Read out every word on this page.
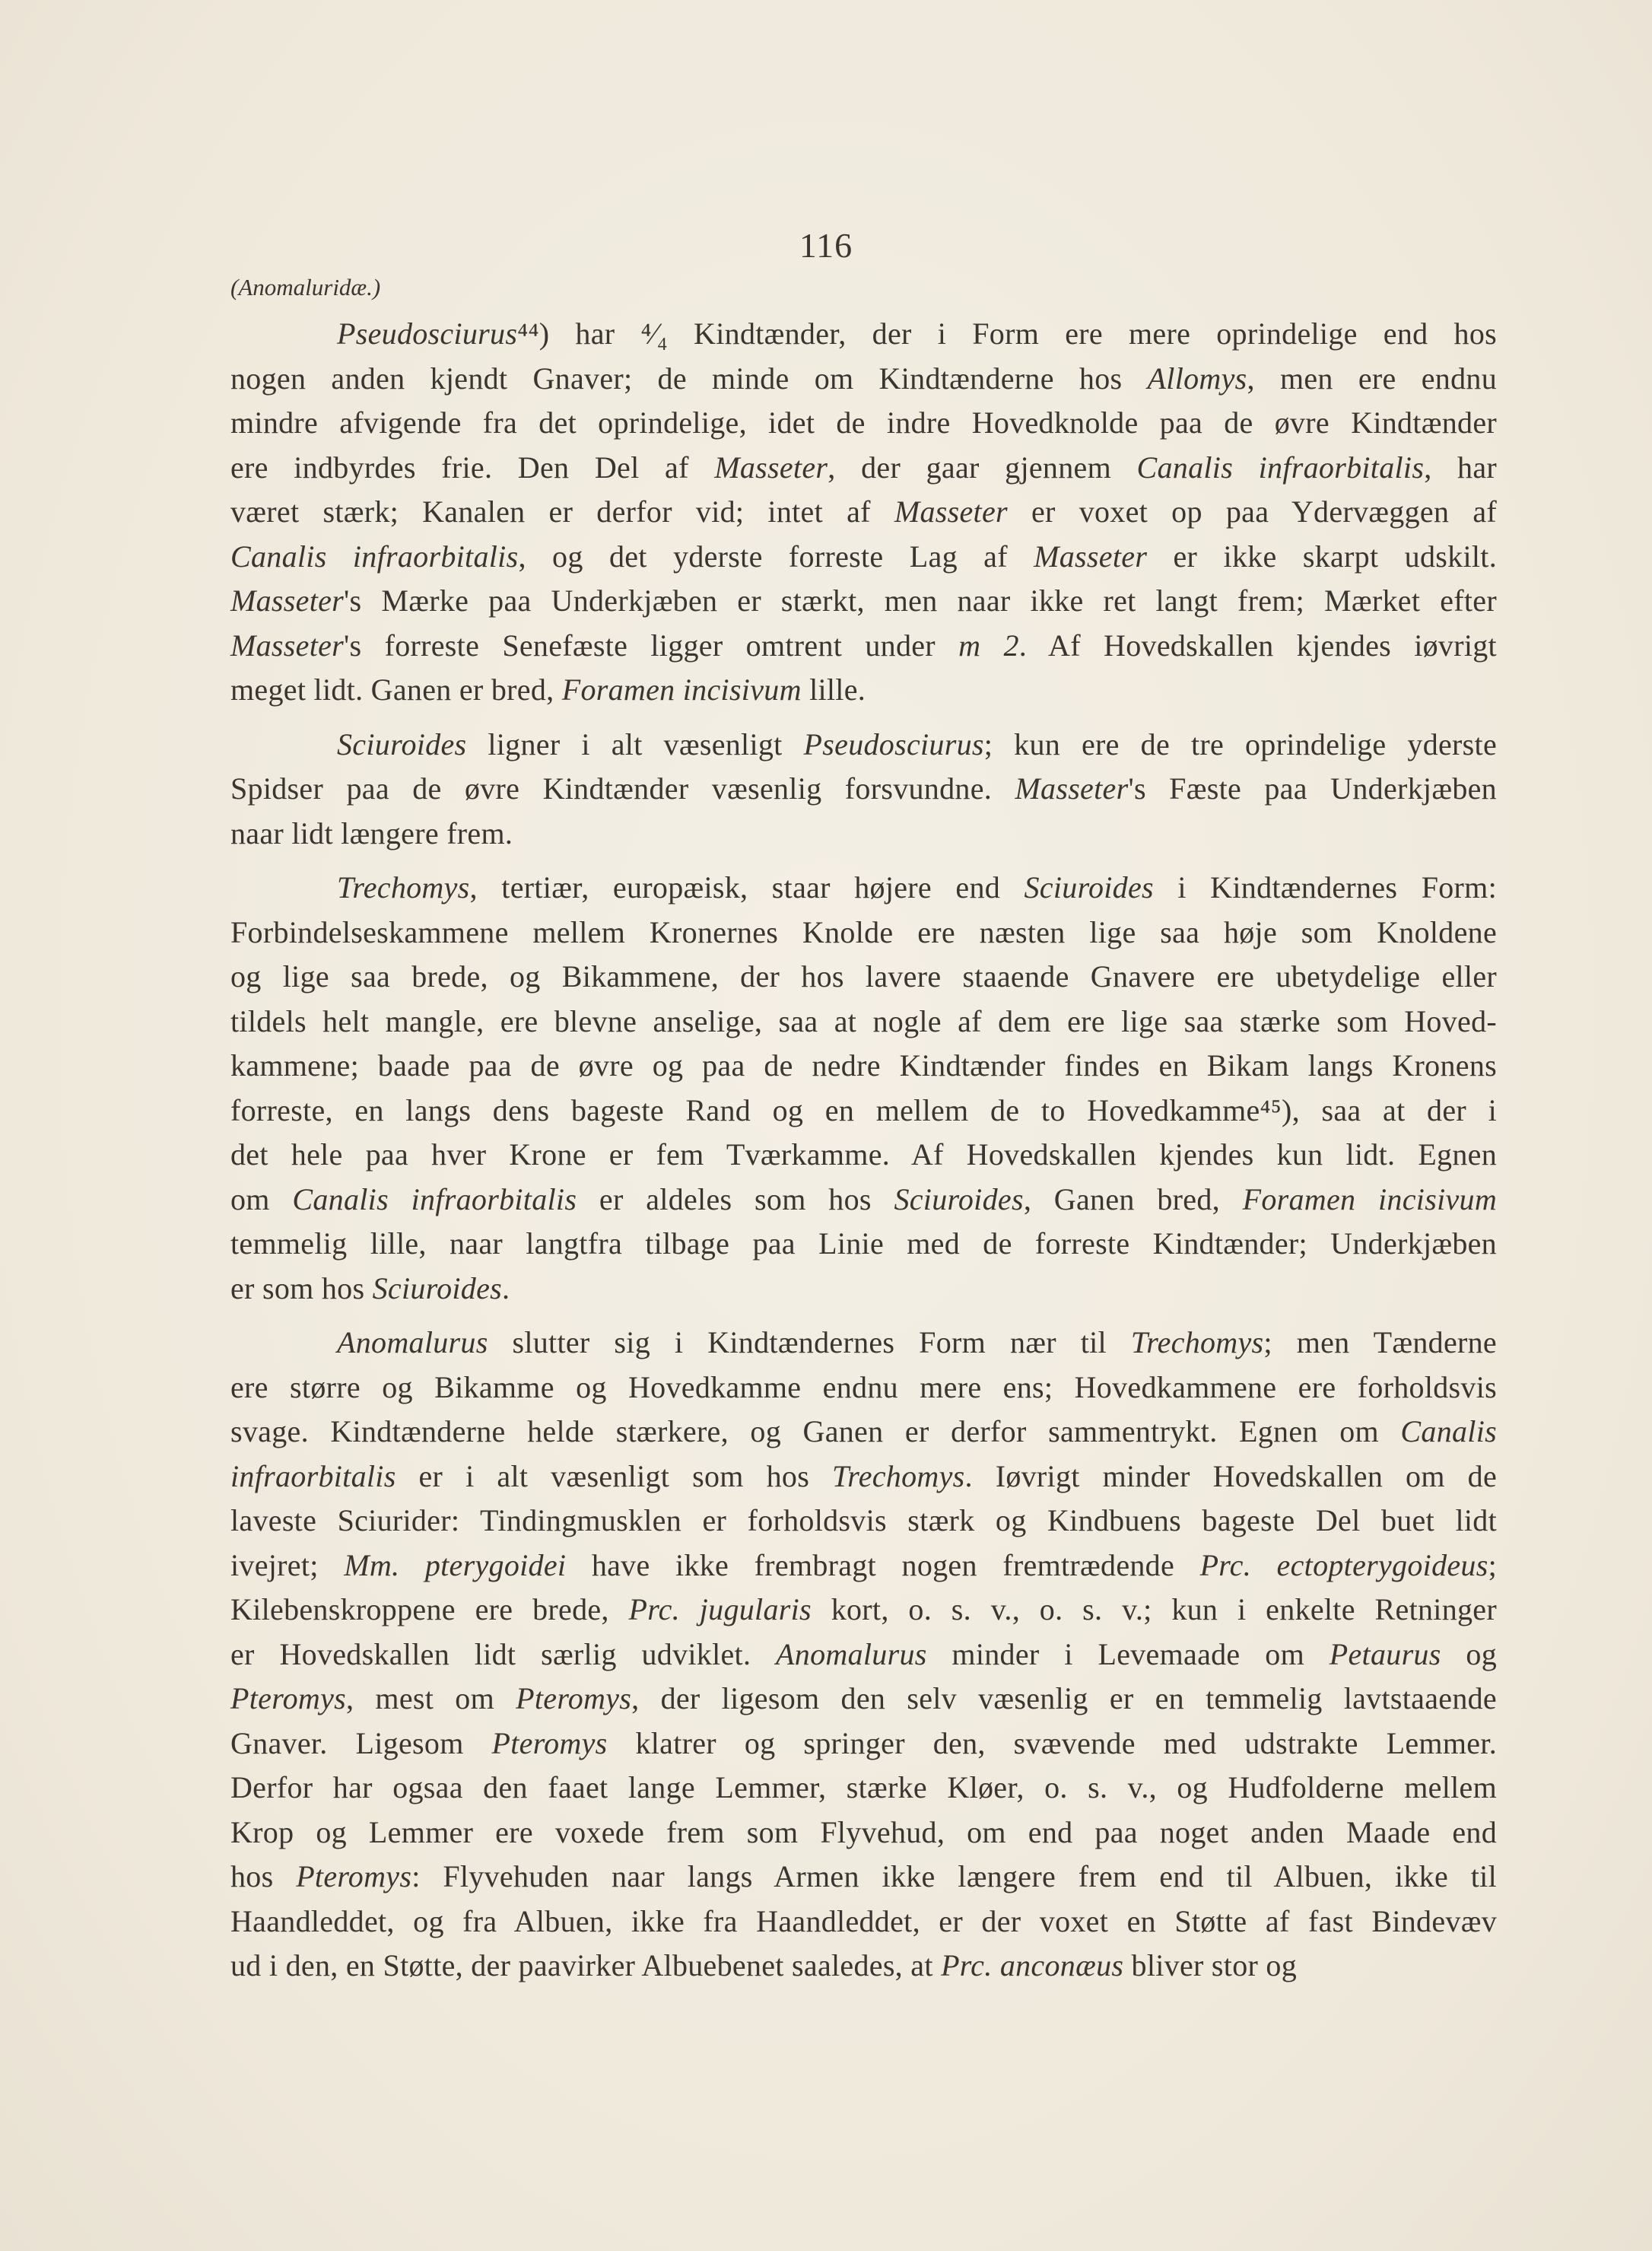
116
(Anomaluridæ.)

Pseudosciurus⁴⁴) har ⁴⁄₄ Kindtænder, der i Form ere mere oprindelige end hos
nogen anden kjendt Gnaver; de minde om Kindtænderne hos Allomys, men ere endnu
mindre afvigende fra det oprindelige, idet de indre Hovedknolde paa de øvre Kindtænder
ere indbyrdes frie. Den Del af Masseter, der gaar gjennem Canalis infraorbitalis, har
været stærk; Kanalen er derfor vid; intet af Masseter er voxet op paa Ydervæggen af
Canalis infraorbitalis, og det yderste forreste Lag af Masseter er ikke skarpt udskilt.
Masseter's Mærke paa Underkjæben er stærkt, men naar ikke ret langt frem; Mærket efter
Masseter's forreste Senefæste ligger omtrent under m 2. Af Hovedskallen kjendes iøvrigt
meget lidt. Ganen er bred, Foramen incisivum lille.

Sciuroides ligner i alt væsenligt Pseudosciurus; kun ere de tre oprindelige yderste
Spidser paa de øvre Kindtænder væsenlig forsvundne. Masseter's Fæste paa Underkjæben
naar lidt længere frem.

Trechomys, tertiær, europæisk, staar højere end Sciuroides i Kindtændernes Form:
Forbindelseskammene mellem Kronernes Knolde ere næsten lige saa høje som Knoldene
og lige saa brede, og Bikammene, der hos lavere staaende Gnavere ere ubetydelige eller
tildels helt mangle, ere blevne anselige, saa at nogle af dem ere lige saa stærke som Hoved-
kammene; baade paa de øvre og paa de nedre Kindtænder findes en Bikam langs Kronens
forreste, en langs dens bageste Rand og en mellem de to Hovedkamme⁴⁵), saa at der i
det hele paa hver Krone er fem Tværkamme. Af Hovedskallen kjendes kun lidt. Egnen
om Canalis infraorbitalis er aldeles som hos Sciuroides, Ganen bred, Foramen incisivum
temmelig lille, naar langtfra tilbage paa Linie med de forreste Kindtænder; Underkjæben
er som hos Sciuroides.

Anomalurus slutter sig i Kindtændernes Form nær til Trechomys; men Tænderne
ere større og Bikamme og Hovedkamme endnu mere ens; Hovedkammene ere forholdsvis
svage. Kindtænderne helde stærkere, og Ganen er derfor sammentrykt. Egnen om Canalis
infraorbitalis er i alt væsenligt som hos Trechomys. Iøvrigt minder Hovedskallen om de
laveste Sciurider: Tindingmusklen er forholdsvis stærk og Kindbuens bageste Del buet lidt
ivejret; Mm. pterygoidei have ikke frembragt nogen fremtrædende Prc. ectopterygoideus;
Kilebenskroppene ere brede, Prc. jugularis kort, o. s. v., o. s. v.; kun i enkelte Retninger
er Hovedskallen lidt særlig udviklet. Anomalurus minder i Levemaade om Petaurus og
Pteromys, mest om Pteromys, der ligesom den selv væsenlig er en temmelig lavtstaaende
Gnaver. Ligesom Pteromys klatrer og springer den, svævende med udstrakte Lemmer.
Derfor har ogsaa den faaet lange Lemmer, stærke Kløer, o. s. v., og Hudfolderne mellem
Krop og Lemmer ere voxede frem som Flyvehud, om end paa noget anden Maade end
hos Pteromys: Flyvehuden naar langs Armen ikke længere frem end til Albuen, ikke til
Haandleddet, og fra Albuen, ikke fra Haandleddet, er der voxet en Støtte af fast Bindevæv
ud i den, en Støtte, der paavirker Albuebenet saaledes, at Prc. anconæus bliver stor og
